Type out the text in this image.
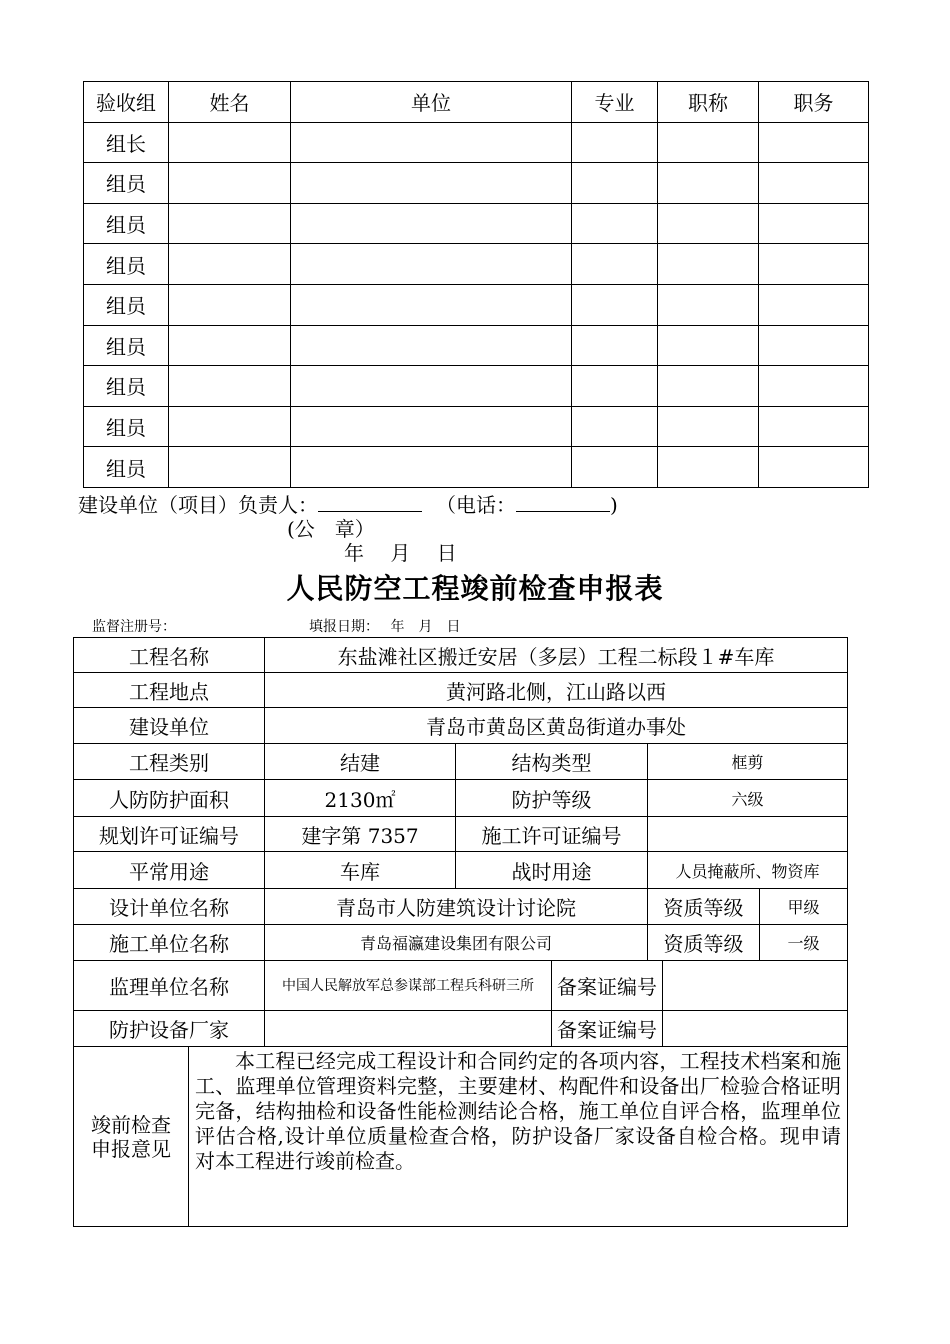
验收组	姓名	单位	专业	职称	职务
组长					
组员					
组员					
组员					
组员					
组员					
组员					
组员					
组员					
建设单位（项目）负责人：	（电话：	)
(公　章）
年　 月　 日
人民防空工程竣前检查申报表
监督注册号：	填报日期：　 年　月　日
工程名称		东盐滩社区搬迁安居（多层）工程二标段１#车库					
工程地点		黄河路北侧，江山路以西					
建设单位		青岛市黄岛区黄岛街道办事处					
工程类别		结建	结构类型		框剪		
人防防护面积		2130㎡	防护等级		六级		
规划许可证编号		建字第 7357	施工许可证编号				
平常用途		车库	战时用途		人员掩蔽所、物资库		
设计单位名称		青岛市人防建筑设计讨论院			资质等级		甲级
施工单位名称		青岛福瀛建设集团有限公司			资质等级		一级
监理单位名称		中国人民解放军总参谋部工程兵科研三所		备案证编号			
防护设备厂家				备案证编号			
竣前检查申报意见	本工程已经完成工程设计和合同约定的各项内容，工程技术档案和施工、监理单位管理资料完整，主要建材、构配件和设备出厂检验合格证明完备，结构抽检和设备性能检测结论合格，施工单位自评合格，监理单位评估合格,设计单位质量检查合格，防护设备厂家设备自检合格。现申请对本工程进行竣前检查。						
